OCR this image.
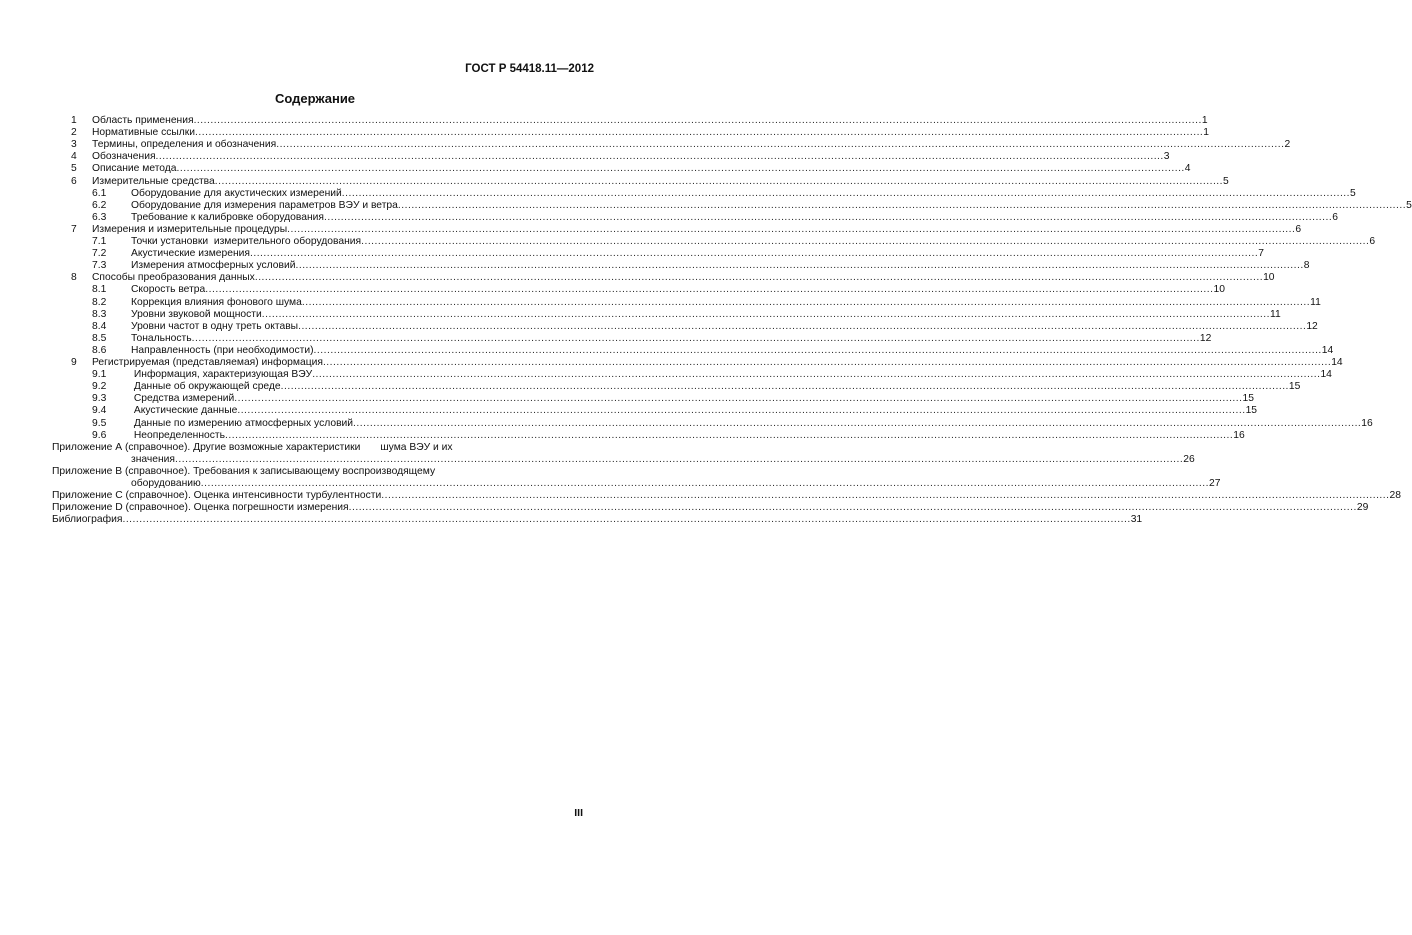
ГОСТ Р 54418.11—2012
Содержание
1 Область применения ............................................................................................................................................................................................................................................................................................................ 1
2 Нормативные ссылки ............................................................................................................................................................................................................................................................................................................ 1
3 Термины, определения и обозначения ............................................................................................................................................................................................................................................................................................................ 2
4 Обозначения ............................................................................................................................................................................................................................................................................................................ 3
5 Описание метода ............................................................................................................................................................................................................................................................................................................ 4
6 Измерительные средства ............................................................................................................................................................................................................................................................................................................ 5
6.1 Оборудование для акустических измерений ............................................................................................................................................................................................................................................................................................................ 5
6.2 Оборудование для измерения параметров ВЭУ и ветра ............................................................................................................................................................................................................................................................................................................ 5
6.3 Требование к калибровке оборудования ............................................................................................................................................................................................................................................................................................................ 6
7 Измерения и измерительные процедуры ............................................................................................................................................................................................................................................................................................................ 6
7.1 Точки установки  измерительного оборудования ............................................................................................................................................................................................................................................................................................................ 6
7.2 Акустические измерения ............................................................................................................................................................................................................................................................................................................ 7
7.3 Измерения атмосферных условий ............................................................................................................................................................................................................................................................................................................ 8
8 Способы преобразования данных ............................................................................................................................................................................................................................................................................................................ 10
8.1 Скорость ветра ............................................................................................................................................................................................................................................................................................................ 10
8.2 Коррекция влияния фонового шума ............................................................................................................................................................................................................................................................................................................ 11
8.3 Уровни звуковой мощности ............................................................................................................................................................................................................................................................................................................ 11
8.4 Уровни частот в одну треть октавы ............................................................................................................................................................................................................................................................................................................ 12
8.5 Тональность ............................................................................................................................................................................................................................................................................................................ 12
8.6 Направленность (при необходимости) ............................................................................................................................................................................................................................................................................................................ 14
9 Регистрируемая (представляемая) информация ............................................................................................................................................................................................................................................................................................................ 14
9.1 Информация, характеризующая ВЭУ ............................................................................................................................................................................................................................................................................................................ 14
9.2 Данные об окружающей среде ............................................................................................................................................................................................................................................................................................................ 15
9.3 Средства измерений ............................................................................................................................................................................................................................................................................................................ 15
9.4 Акустические данные ............................................................................................................................................................................................................................................................................................................ 15
9.5 Данные по измерению атмосферных условий ............................................................................................................................................................................................................................................................................................................ 16
9.6 Неопределенность ............................................................................................................................................................................................................................................................................................................ 16
Приложение А (справочное). Другие возможные характеристики       шума ВЭУ и их
значения ............................................................................................................................................................................................................................................................................................................ 26
Приложение В (справочное). Требования к записывающему воспроизводящему
оборудованию ............................................................................................................................................................................................................................................................................................................ 27
Приложение С (справочное). Оценка интенсивности турбулентности ............................................................................................................................................................................................................................................................................................................ 28
Приложение D (справочное). Оценка погрешности измерения ............................................................................................................................................................................................................................................................................................................ 29
Библиография ............................................................................................................................................................................................................................................................................................................ 31
III
